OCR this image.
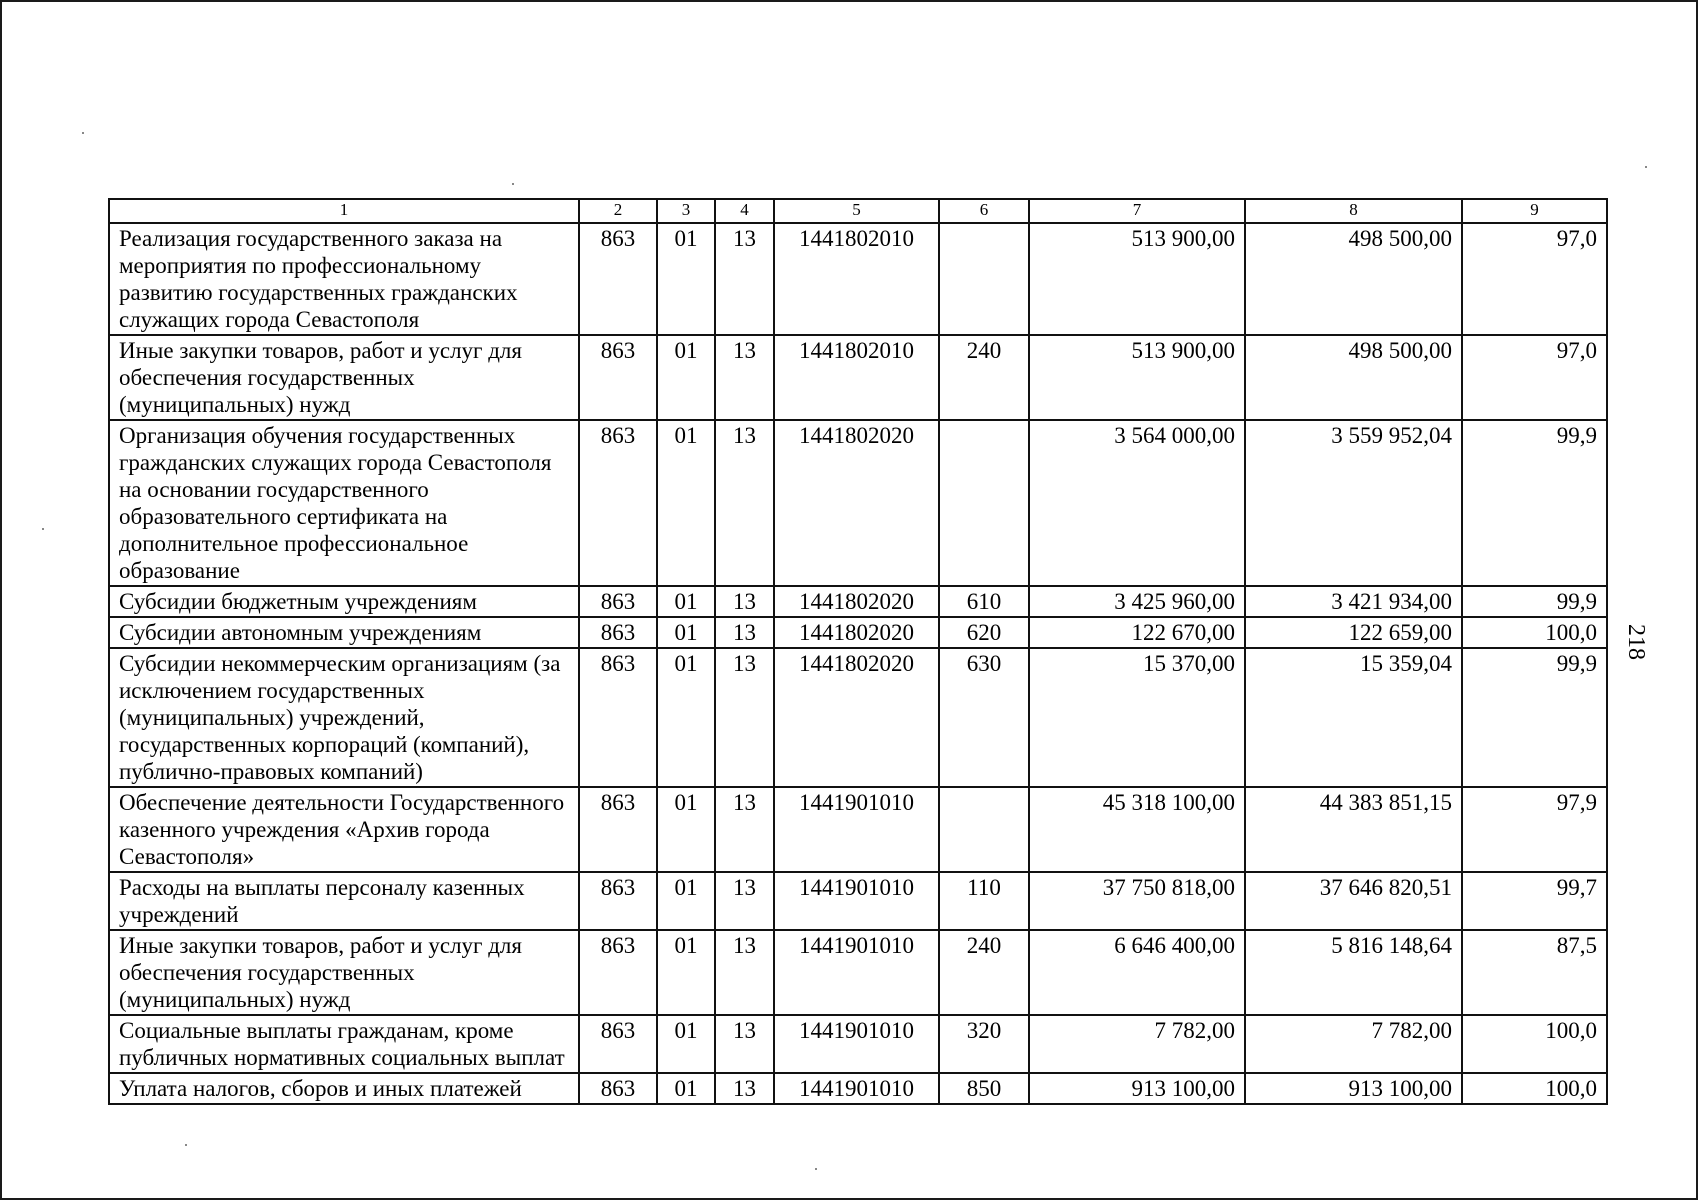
218
1	2	3	4	5	6	7	8	9
Реализация государственного заказа на мероприятия по профессиональному развитию государственных гражданских служащих города Севастополя	863	01	13	1441802010		513 900,00	498 500,00	97,0
Иные закупки товаров, работ и услуг для обеспечения государственных (муниципальных) нужд	863	01	13	1441802010	240	513 900,00	498 500,00	97,0
Организация обучения государственных гражданских служащих города Севастополя на основании государственного образовательного сертификата на дополнительное профессиональное образование	863	01	13	1441802020		3 564 000,00	3 559 952,04	99,9
Субсидии бюджетным учреждениям	863	01	13	1441802020	610	3 425 960,00	3 421 934,00	99,9
Субсидии автономным учреждениям	863	01	13	1441802020	620	122 670,00	122 659,00	100,0
Субсидии некоммерческим организациям (за исключением государственных (муниципальных) учреждений, государственных корпораций (компаний), публично-правовых компаний)	863	01	13	1441802020	630	15 370,00	15 359,04	99,9
Обеспечение деятельности Государственного казенного учреждения «Архив города Севастополя»	863	01	13	1441901010		45 318 100,00	44 383 851,15	97,9
Расходы на выплаты персоналу казенных учреждений	863	01	13	1441901010	110	37 750 818,00	37 646 820,51	99,7
Иные закупки товаров, работ и услуг для обеспечения государственных (муниципальных) нужд	863	01	13	1441901010	240	6 646 400,00	5 816 148,64	87,5
Социальные выплаты гражданам, кроме публичных нормативных социальных выплат	863	01	13	1441901010	320	7 782,00	7 782,00	100,0
Уплата налогов, сборов и иных платежей	863	01	13	1441901010	850	913 100,00	913 100,00	100,0
